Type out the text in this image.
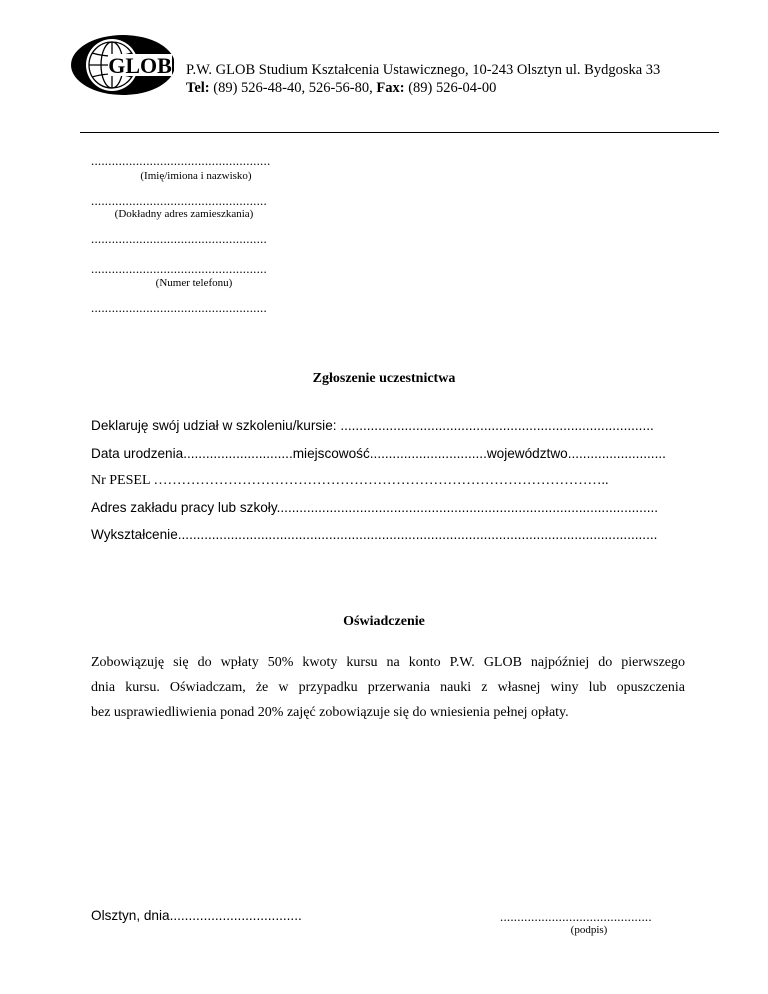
GLOB P.W. GLOB Studium Kształcenia Ustawicznego, 10-243 Olsztyn ul. Bydgoska 33
Tel: (89) 526-48-40, 526-56-80, Fax: (89) 526-04-00
....................................................
(Imię/imiona i nazwisko)
...................................................
(Dokładny adres zamieszkania)
...................................................
...................................................
(Numer telefonu)
...................................................
Zgłoszenie uczestnictwa
Deklaruję swój udział w szkoleniu/kursie: ...................................................................................
Data urodzenia.............................miejscowość...............................województwo..........................
Nr PESEL ……………………………………………………………………………………..
Adres zakładu pracy lub szkoły.....................................................................................................
Wykształcenie...............................................................................................................................
Oświadczenie
Zobowiązuję się do wpłaty 50% kwoty kursu na konto P.W. GLOB najpóźniej do pierwszego
dnia kursu. Oświadczam, że w przypadku przerwania nauki z własnej winy lub opuszczenia
bez usprawiedliwienia ponad 20% zajęć zobowiązuje się do wniesienia pełnej opłaty.
Olsztyn, dnia...................................	............................................
(podpis)
